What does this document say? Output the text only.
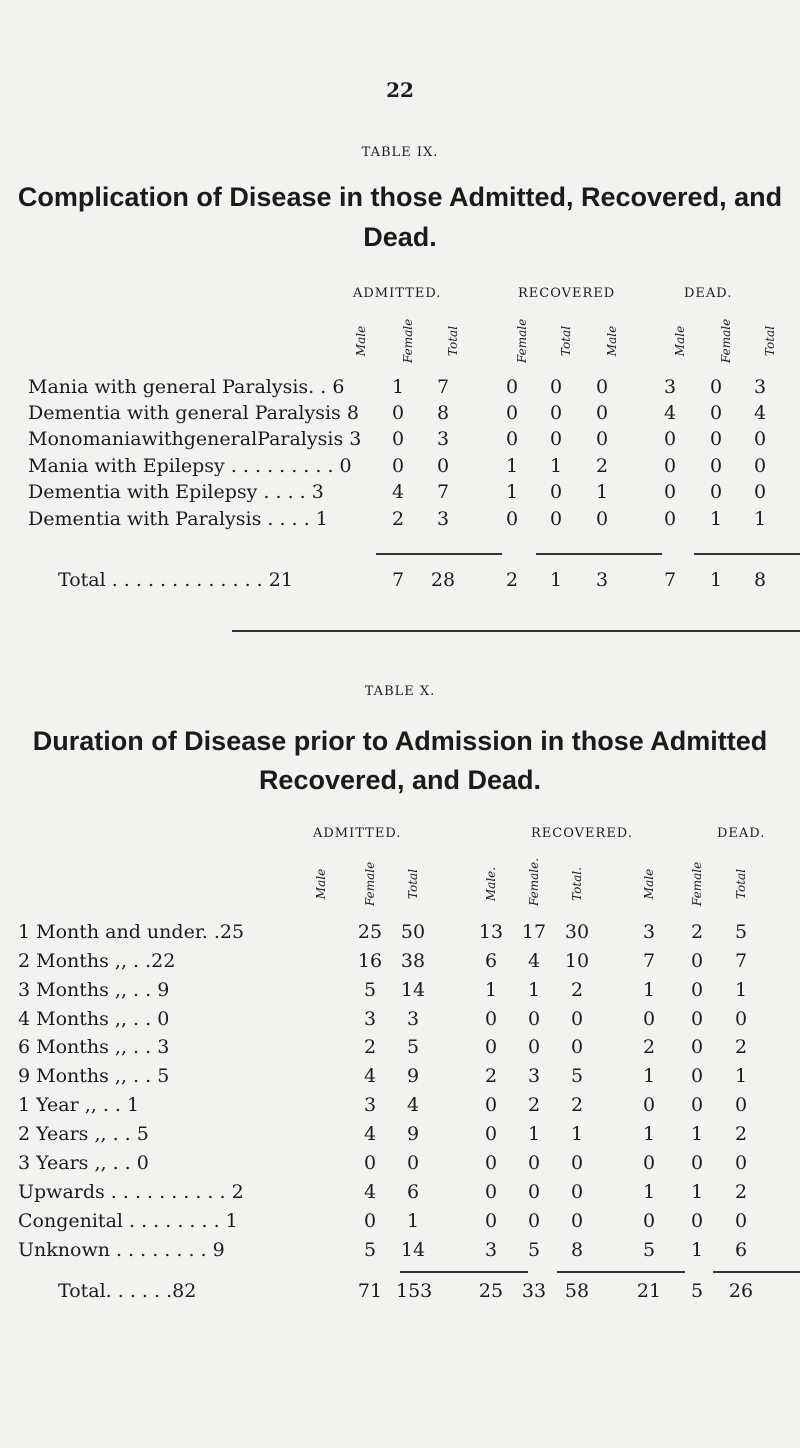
22
TABLE IX.
Complication of Disease in those Admitted, Recovered, and
Dead.
ADMITTED.	RECOVERED	DEAD.
Male	Female	Total	Female	Total	Male	Male	Female	Total
Mania with general Paralysis. . 6	1	7	0	0	0	3	0	3
Dementia with general Paralysis 8	0	8	0	0	0	4	0	4
MonomaniawithgeneralParalysis 3	0	3	0	0	0	0	0	0
Mania with Epilepsy . . . . . . . . . 0	0	0	1	1	2	0	0	0
Dementia with Epilepsy . . . . 3	4	7	1	0	1	0	0	0
Dementia with Paralysis . . . . 1	2	3	0	0	0	0	1	1
Total . . . . . . . . . . . . . 21	7	28	2	1	3	7	1	8
TABLE X.
Duration of Disease prior to Admission in those Admitted
Recovered, and Dead.
ADMITTED.	RECOVERED.	DEAD.
Male	Female Total	Male. Female. Total.	Male	Female	Total
1 Month and under. .25	25 50	13 17 30	3	2	5
2 Months ,, . .22	16 38	6	4	10	7	0	7
3 Months ,, . . 9	5	14	1	1	2	1	0	1
4 Months ,, . . 0	3	3	0	0	0	0	0	0
6 Months ,, . . 3	2	5	0	0	0	2	0	2
9 Months ,, . . 5	4	9	2	3	5	1	0	1
1 Year ,, . . 1	3	4	0	2	2	0	0	0
2 Years ,, . . 5	4	9	0	1	1	1	1	2
3 Years ,, . . 0	0	0	0	0	0	0	0	0
Upwards . . . . . . . . . . 2	4	6	0	0	0	1	1	2
Congenital . . . . . . . . 1	0	1	0	0	0	0	0	0
Unknown . . . . . . . . 9	5	14	3	5	8	5	1	6
Total. . . . . .82	71 153 25 33 58	21	5	26
